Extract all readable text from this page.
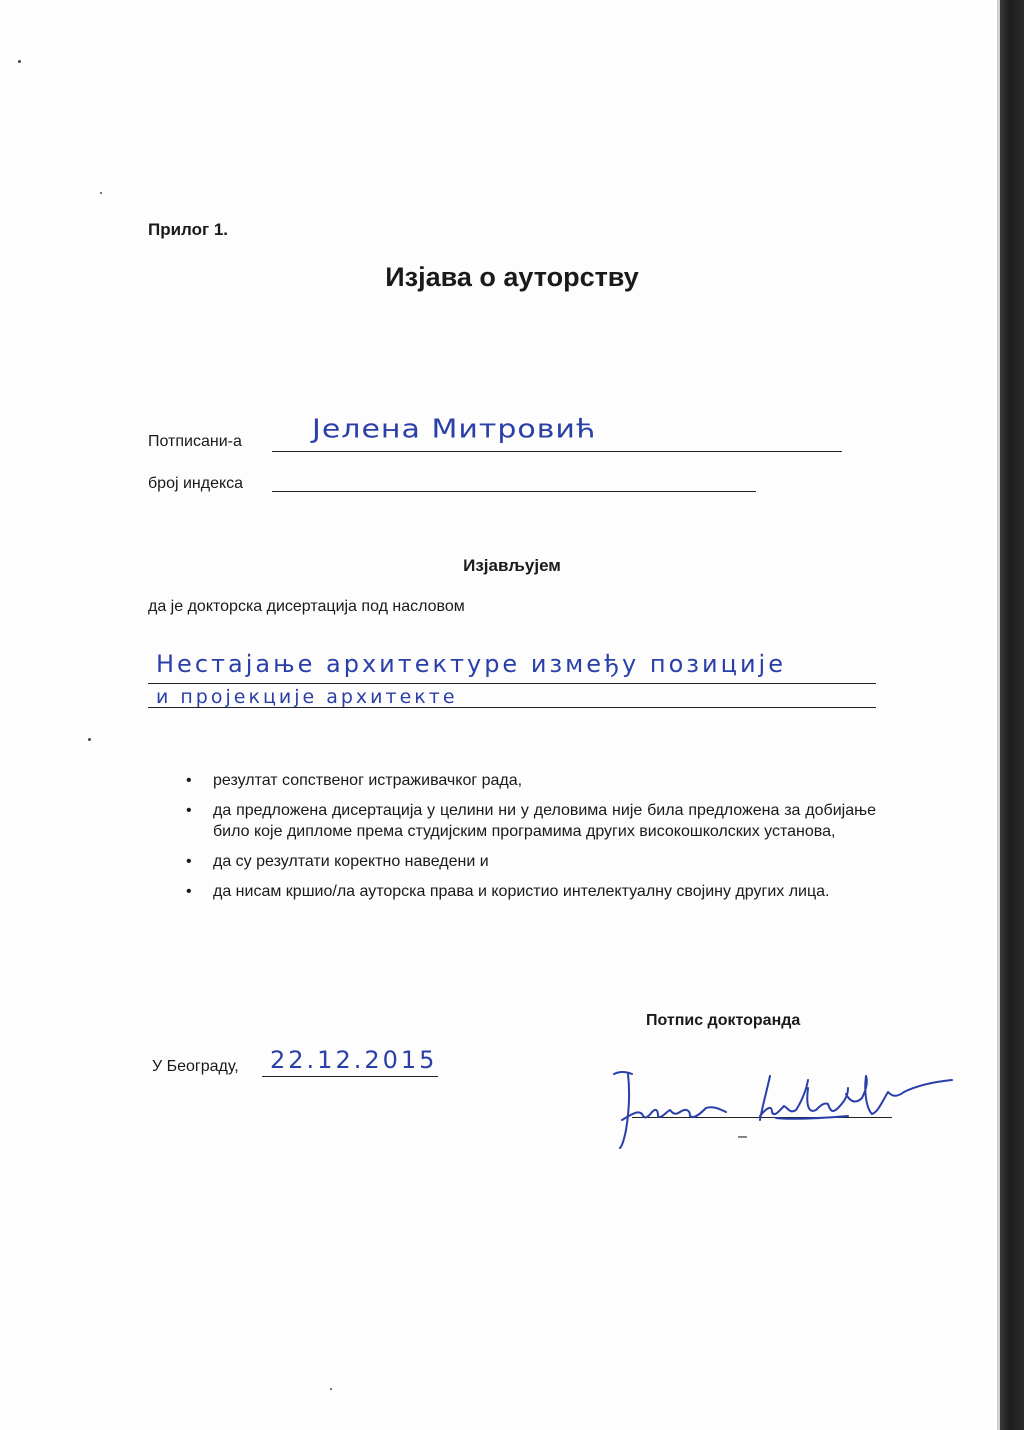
Прилог 1.
Изјава о ауторству
Потписани-а Јелена Митровић
број индекса
Изјављујем
да је докторска дисертација под насловом
Нестајање архитектуре између позиције
и пројекције архитекте
• резултат сопственог истраживачког рада,
• да предложена дисертација у целини ни у деловима није била предложена за добијање било које дипломе према студијским програмима других високошколских установа,
• да су резултати коректно наведени и
• да нисам кршио/ла ауторска права и користио интелектуалну својину других лица.
Потпис докторанда
У Београду, 22.12.2015
–
